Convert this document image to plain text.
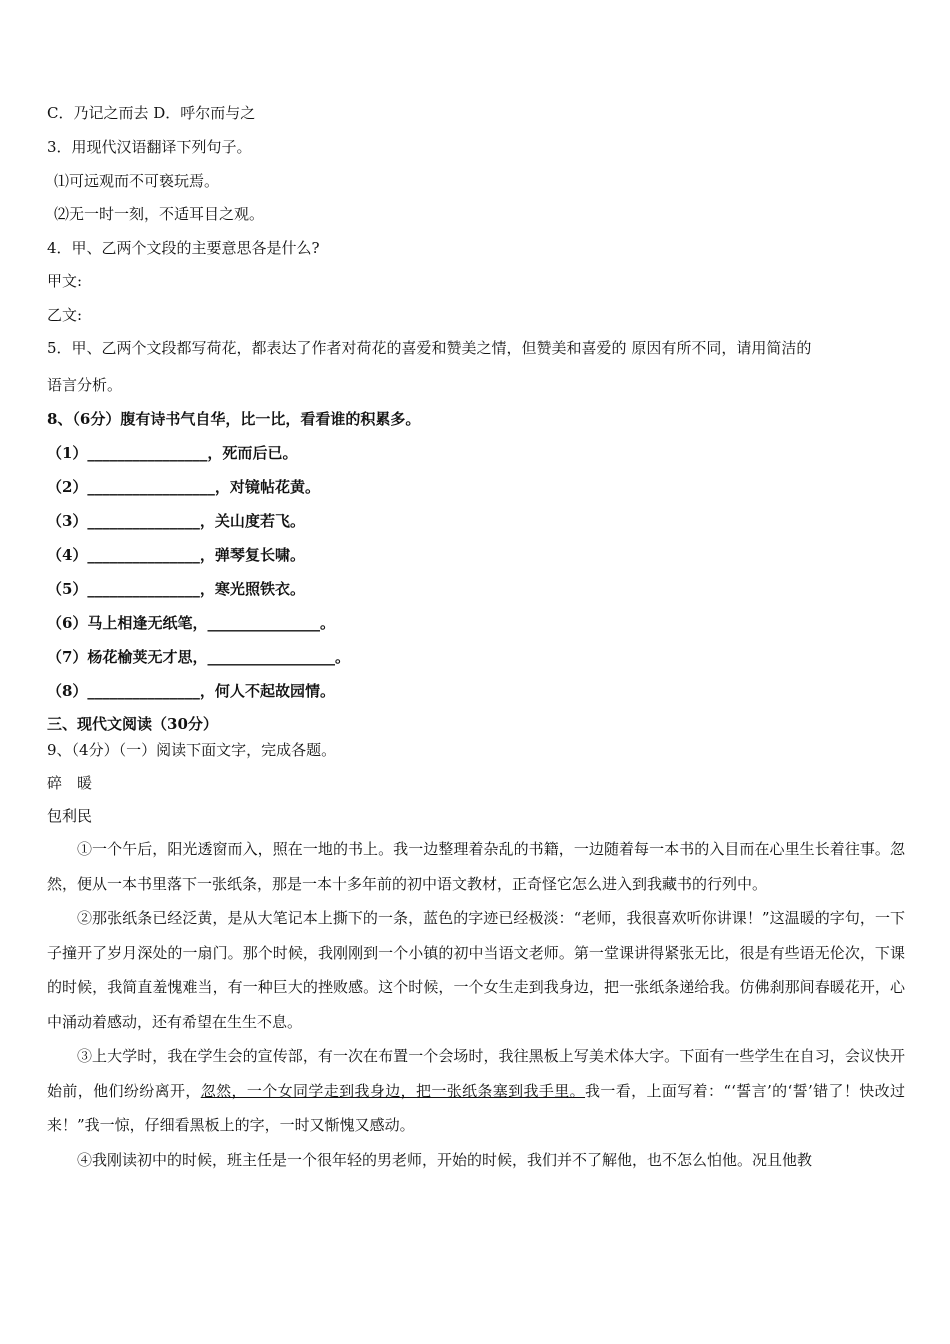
C．乃记之而去 D．呼尔而与之
3．用现代汉语翻译下列句子。
⑴可远观而不可亵玩焉。
⑵无一时一刻，不适耳目之观。
4．甲、乙两个文段的主要意思各是什么?
甲文:
乙文:
5．甲、乙两个文段都写荷花，都表达了作者对荷花的喜爱和赞美之情，但赞美和喜爱的 原因有所不同，请用简洁的
语言分析。
8、（6分）腹有诗书气自华，比一比，看看谁的积累多。
（1）________________，死而后已。
（2）_________________，对镜帖花黄。
（3）_______________，关山度若飞。
（4）_______________，弹琴复长啸。
（5）_______________，寒光照铁衣。
（6）马上相逢无纸笔，_______________。
（7）杨花榆荚无才思，_________________。
（8）_______________，何人不起故园情。
三、现代文阅读（30分）
9、（4分）（一）阅读下面文字，完成各题。
碎　暖
包利民

①一个午后，阳光透窗而入，照在一地的书上。我一边整理着杂乱的书籍，一边随着每一本书的入目而在心里生长着往事。忽然，便从一本书里落下一张纸条，那是一本十多年前的初中语文教材，正奇怪它怎么进入到我藏书的行列中。

②那张纸条已经泛黄，是从大笔记本上撕下的一条，蓝色的字迹已经极淡：“老师，我很喜欢听你讲课！”这温暖的字句，一下子撞开了岁月深处的一扇门。那个时候，我刚刚到一个小镇的初中当语文老师。第一堂课讲得紧张无比，很是有些语无伦次，下课的时候，我简直羞愧难当，有一种巨大的挫败感。这个时候，一个女生走到我身边，把一张纸条递给我。仿佛刹那间春暖花开，心中涌动着感动，还有希望在生生不息。

③上大学时，我在学生会的宣传部，有一次在布置一个会场时，我往黑板上写美术体大字。下面有一些学生在自习，会议快开始前，他们纷纷离开，忽然，一个女同学走到我身边，把一张纸条塞到我手里。我一看，上面写着：“‘誓言’的‘誓’错了！快改过来！”我一惊，仔细看黑板上的字，一时又惭愧又感动。

④我刚读初中的时候，班主任是一个很年轻的男老师，开始的时候，我们并不了解他，也不怎么怕他。况且他教
